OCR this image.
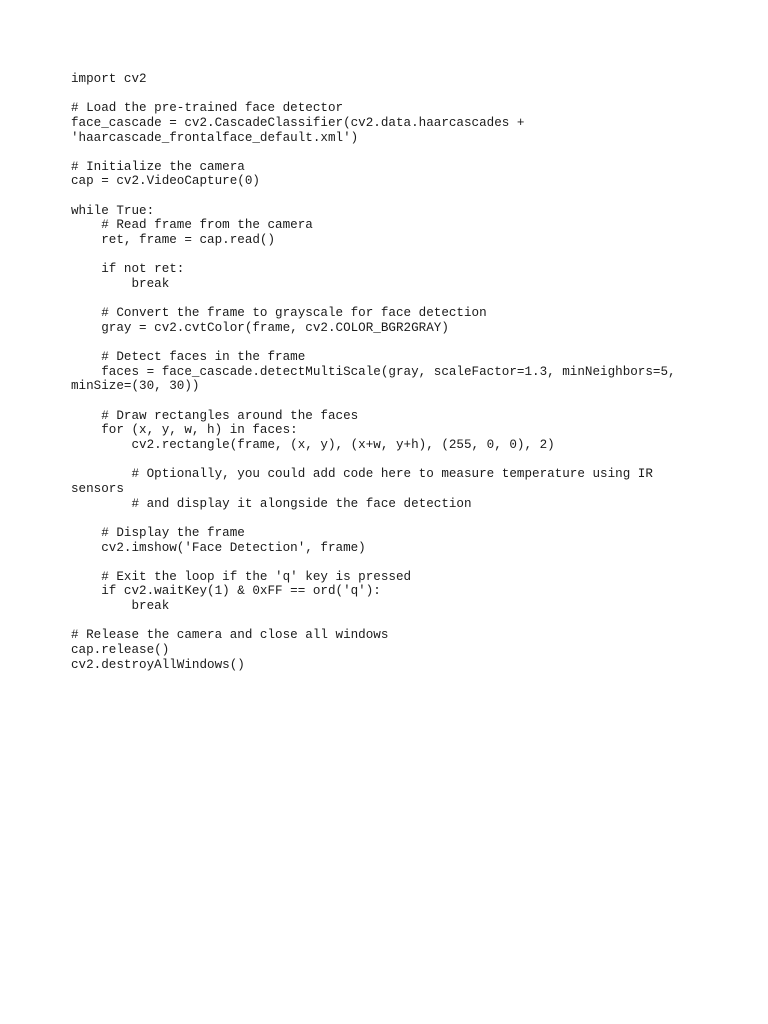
import cv2
# Load the pre-trained face detector
face_cascade = cv2.CascadeClassifier(cv2.data.haarcascades +
'haarcascade_frontalface_default.xml')
# Initialize the camera
cap = cv2.VideoCapture(0)
while True:
# Read frame from the camera
ret, frame = cap.read()
if not ret:
break
# Convert the frame to grayscale for face detection
gray = cv2.cvtColor(frame, cv2.COLOR_BGR2GRAY)
# Detect faces in the frame
faces = face_cascade.detectMultiScale(gray, scaleFactor=1.3, minNeighbors=5,
minSize=(30, 30))
# Draw rectangles around the faces
for (x, y, w, h) in faces:
cv2.rectangle(frame, (x, y), (x+w, y+h), (255, 0, 0), 2)
# Optionally, you could add code here to measure temperature using IR
sensors
# and display it alongside the face detection
# Display the frame
cv2.imshow('Face Detection', frame)
# Exit the loop if the 'q' key is pressed
if cv2.waitKey(1) & 0xFF == ord('q'):
break
# Release the camera and close all windows
cap.release()
cv2.destroyAllWindows()
